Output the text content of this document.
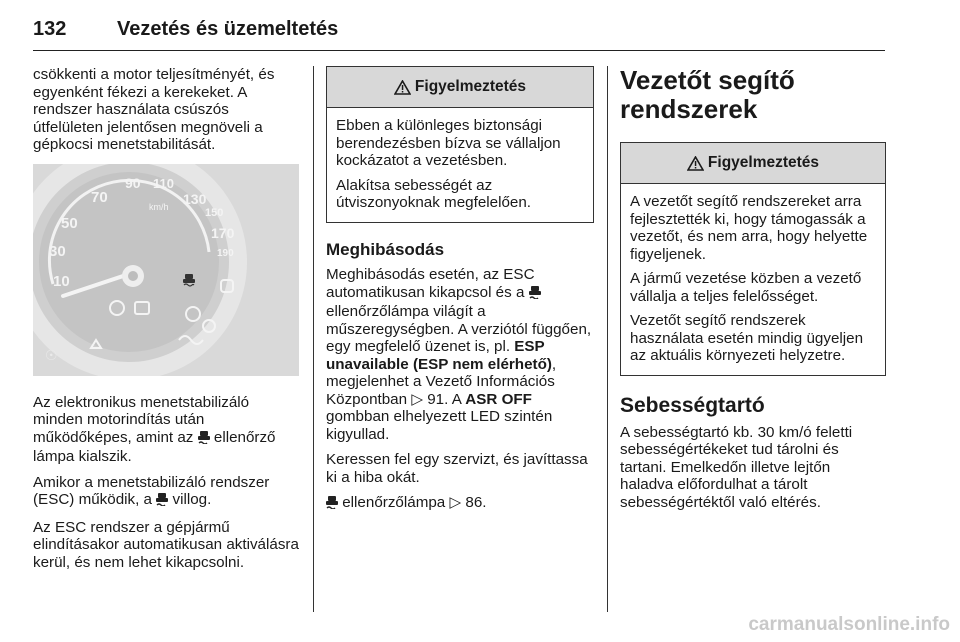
132	Vezetés és üzemeltetés

csökkenti a motor teljesítményét, és egyenként fékezi a kerekeket. A rendszer használata csúszós útfelületen jelentősen megnöveli a gépkocsi menetstabilitását.

10
30
50
70
90 110
130
150
170
190
km/h
☉

Az elektronikus menetstabilizáló minden motorindítás után működőképes, amint az ellenőrző lámpa kialszik.

Amikor a menetstabilizáló rendszer (ESC) működik, a villog.

Az ESC rendszer a gépjármű elindításakor automatikusan aktiválásra kerül, és nem lehet kikapcsolni.

Figyelmeztetés

Ebben a különleges biztonsági berendezésben bízva se vállaljon kockázatot a vezetésben.

Alakítsa sebességét az útviszonyoknak megfelelően.

Meghibásodás

Meghibásodás esetén, az ESC automatikusan kikapcsol és a  ellenőrzőlámpa világít a műszeregységben. A verziótól függően, egy megfelelő üzenet is, pl. ESP unavailable (ESP nem elérhető), megjelenhet a Vezető Információs Központban ▷ 91. A ASR OFF gombban elhelyezett LED szintén kigyullad.

Keressen fel egy szervizt, és javíttassa ki a hiba okát.

ellenőrzőlámpa ▷ 86.

Vezetőt segítő rendszerek
Figyelmeztetés

A vezetőt segítő rendszereket arra fejlesztették ki, hogy támogassák a vezetőt, és nem arra, hogy helyette figyeljenek.

A jármű vezetése közben a vezető vállalja a teljes felelősséget.

Vezetőt segítő rendszerek használata esetén mindig ügyeljen az aktuális környezeti helyzetre.

Sebességtartó

A sebességtartó kb. 30 km/ó feletti sebességértékeket tud tárolni és tartani. Emelkedőn illetve lejtőn haladva előfordulhat a tárolt sebességértéktől való eltérés.

carmanualsonline.info
